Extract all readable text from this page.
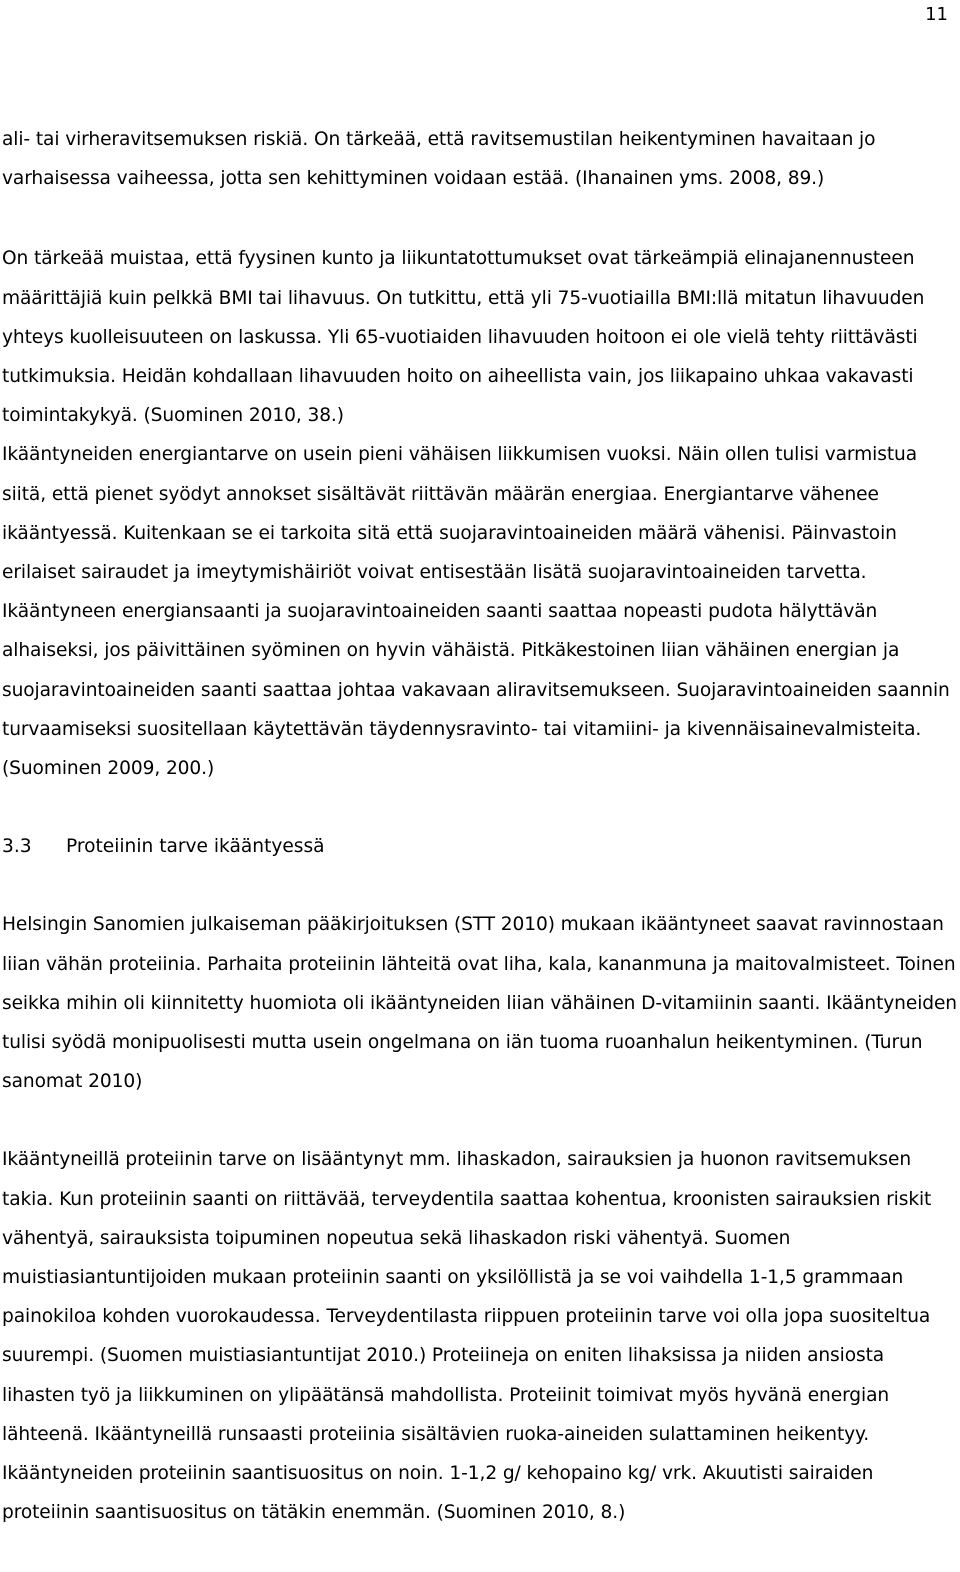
11

ali- tai virheravitsemuksen riskiä. On tärkeää, että ravitsemustilan heikentyminen havaitaan jo varhaisessa vaiheessa, jotta sen kehittyminen voidaan estää. (Ihanainen yms. 2008, 89.)

On tärkeää muistaa, että fyysinen kunto ja liikuntatottumukset ovat tärkeämpiä elinajanennusteen määrittäjiä kuin pelkkä BMI tai lihavuus. On tutkittu, että yli 75-vuotiailla BMI:llä mitatun lihavuuden yhteys kuolleisuuteen on laskussa. Yli 65-vuotiaiden lihavuuden hoitoon ei ole vielä tehty riittävästi tutkimuksia. Heidän kohdallaan lihavuuden hoito on aiheellista vain, jos liikapaino uhkaa vakavasti toimintakykyä. (Suominen 2010, 38.)

Ikääntyneiden energiantarve on usein pieni vähäisen liikkumisen vuoksi. Näin ollen tulisi varmistua siitä, että pienet syödyt annokset sisältävät riittävän määrän energiaa. Energiantarve vähenee ikääntyessä. Kuitenkaan se ei tarkoita sitä että suojaravintoaineiden määrä vähenisi. Päinvastoin erilaiset sairaudet ja imeytymishäiriöt voivat entisestään lisätä suojaravintoaineiden tarvetta. Ikääntyneen energiansaanti ja suojaravintoaineiden saanti saattaa nopeasti pudota hälyttävän alhaiseksi, jos päivittäinen syöminen on hyvin vähäistä. Pitkäkestoinen liian vähäinen energian ja suojaravintoaineiden saanti saattaa johtaa vakavaan aliravitsemukseen. Suojaravintoaineiden saannin turvaamiseksi suositellaan käytettävän täydennysravinto- tai vitamiini- ja kivennäisainevalmisteita. (Suominen 2009, 200.)

3.3	Proteiinin tarve ikääntyessä

Helsingin Sanomien julkaiseman pääkirjoituksen (STT 2010) mukaan ikääntyneet saavat ravinnostaan liian vähän proteiinia. Parhaita proteiinin lähteitä ovat liha, kala, kananmuna ja maitovalmisteet. Toinen seikka mihin oli kiinnitetty huomiota oli ikääntyneiden liian vähäinen D-vitamiinin saanti. Ikääntyneiden tulisi syödä monipuolisesti mutta usein ongelmana on iän tuoma ruoanhalun heikentyminen. (Turun sanomat 2010)

Ikääntyneillä proteiinin tarve on lisääntynyt mm. lihaskadon, sairauksien ja huonon ravitsemuksen takia. Kun proteiinin saanti on riittävää, terveydentila saattaa kohentua, kroonisten sairauksien riskit vähentyä, sairauksista toipuminen nopeutua sekä lihaskadon riski vähentyä. Suomen muistiasiantuntijoiden mukaan proteiinin saanti on yksilöllistä ja se voi vaihdella 1-1,5 grammaan painokiloa kohden vuorokaudessa. Terveydentilasta riippuen proteiinin tarve voi olla jopa suositeltua suurempi. (Suomen muistiasiantuntijat 2010.) Proteiineja on eniten lihaksissa ja niiden ansiosta lihasten työ ja liikkuminen on ylipäätänsä mahdollista. Proteiinit toimivat myös hyvänä energian lähteenä. Ikääntyneillä runsaasti proteiinia sisältävien ruoka-aineiden sulattaminen heikentyy. Ikääntyneiden proteiinin saantisuositus on noin. 1-1,2 g/ kehopaino kg/ vrk. Akuutisti sairaiden proteiinin saantisuositus on tätäkin enemmän. (Suominen 2010, 8.)
